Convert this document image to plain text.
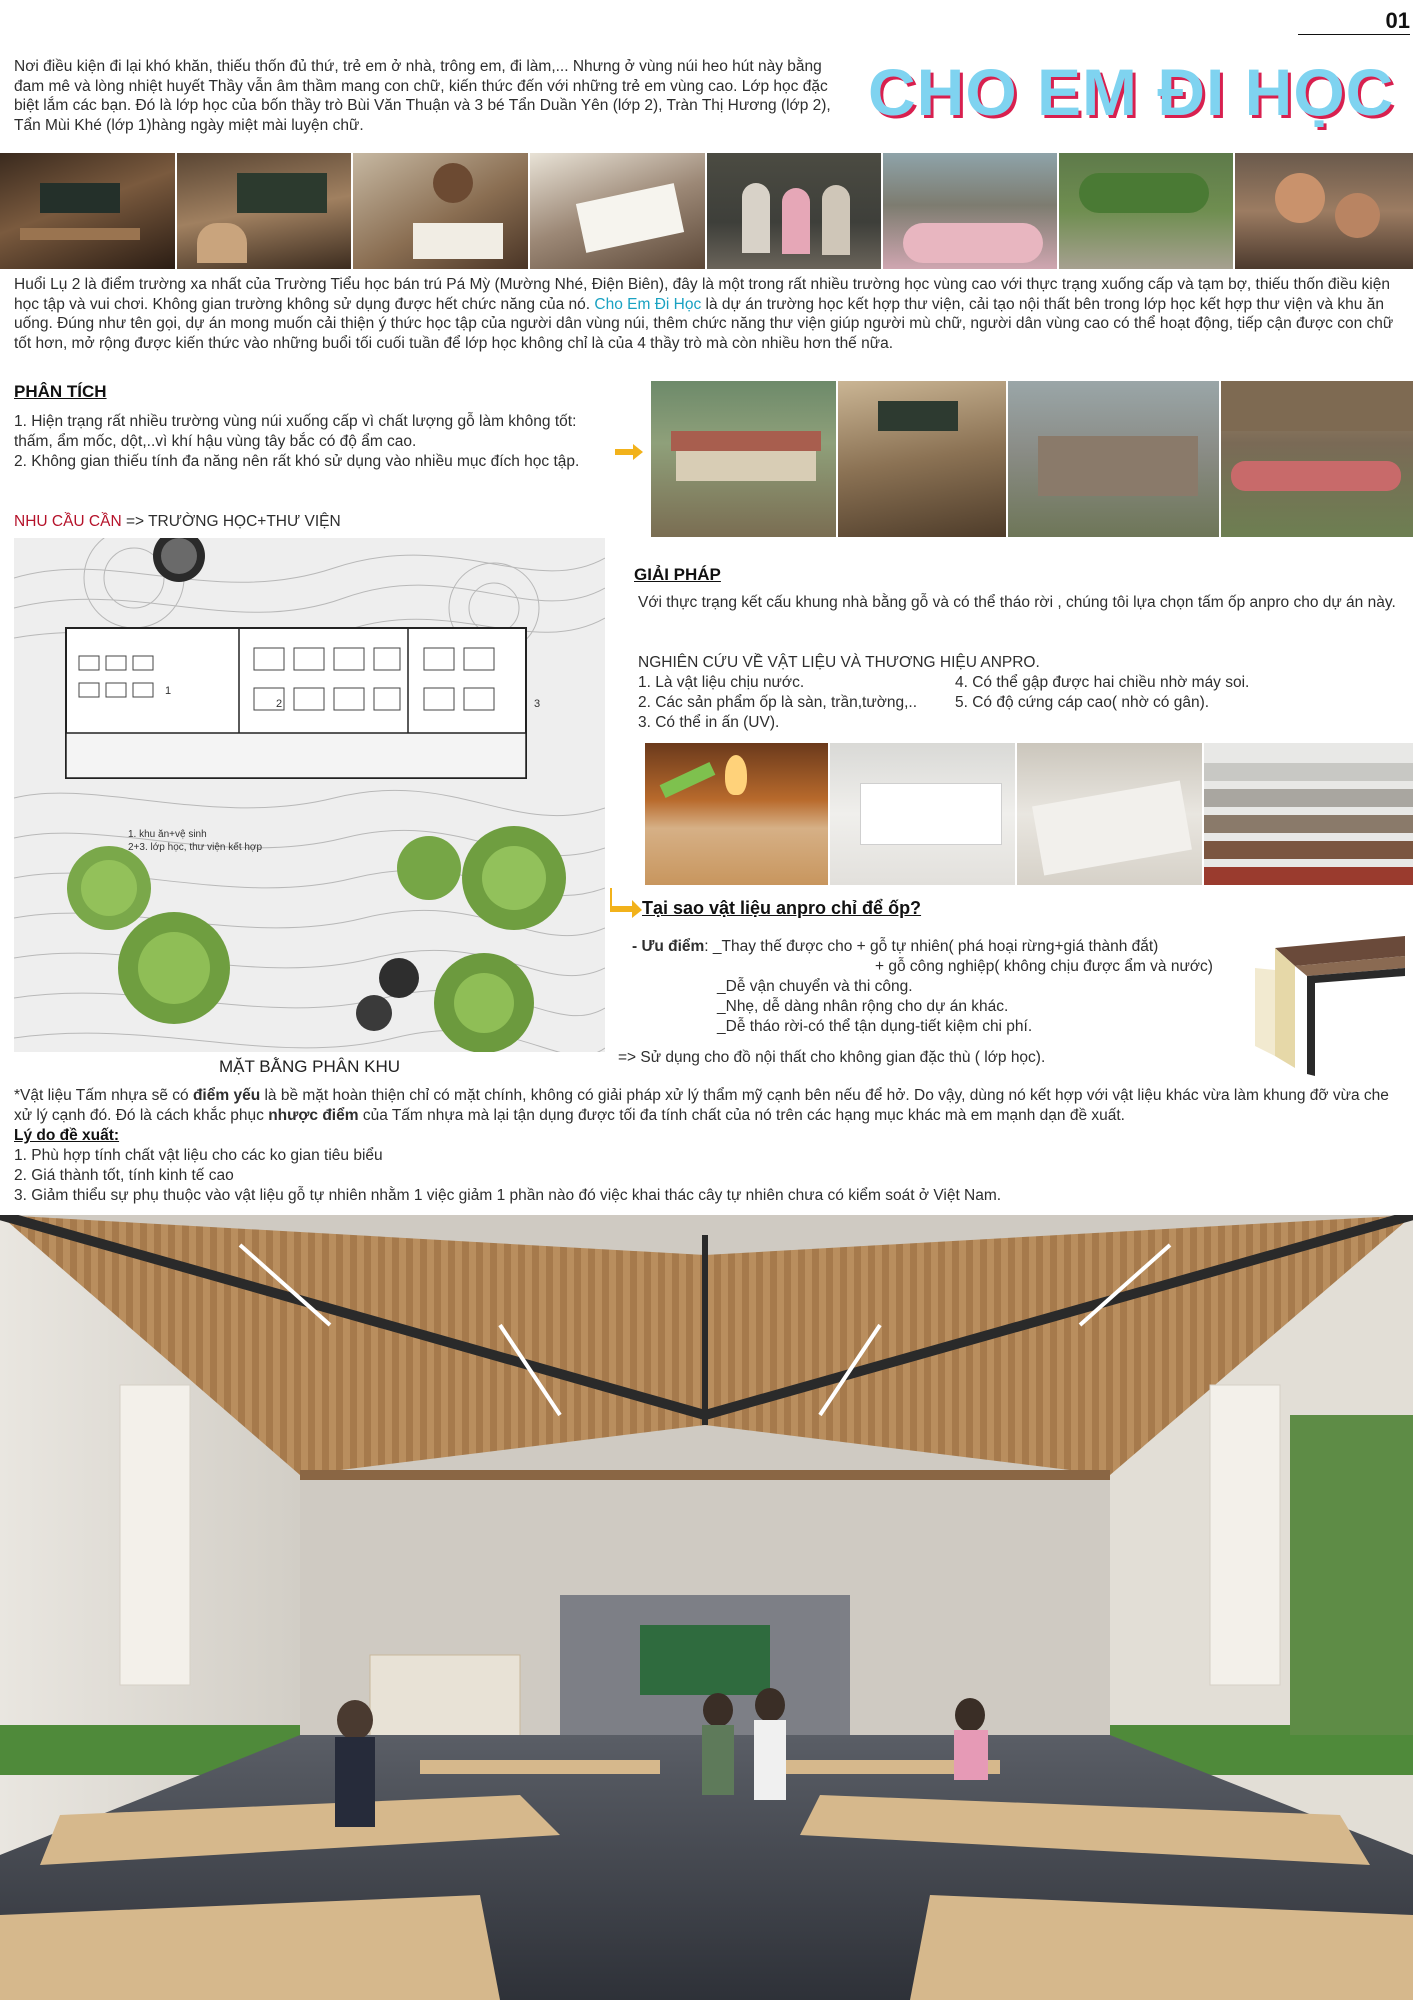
01
CHO EM ĐI HỌC
Nơi điều kiện đi lại khó khăn, thiếu thốn đủ thứ, trẻ em ở nhà, trông em, đi làm,... Nhưng ở vùng núi heo hút này bằng đam mê và lòng nhiệt huyết Thầy vẫn âm thầm mang con chữ, kiến thức đến với những trẻ em vùng cao. Lớp học đặc biệt lắm các bạn. Đó là lớp học của bốn thầy trò Bùi Văn Thuận và 3 bé Tẩn Duần Yên (lớp 2), Tràn Thị Hương (lớp 2), Tẩn Mùi Khé (lớp 1)hàng ngày miệt mài luyện chữ.
Huổi Lụ 2 là điểm trường xa nhất của Trường Tiểu học bán trú Pá Mỳ (Mường Nhé, Điện Biên), đây là một trong rất nhiều trường học vùng cao với thực trạng xuống cấp và tạm bợ, thiếu thốn điều kiện học tập và vui chơi. Không gian trường không sử dụng được hết chức năng của nó. Cho Em Đi Học là dự án trường học kết hợp thư viện, cải tạo nội thất bên trong lớp học kết hợp thư viện và khu ăn uống. Đúng như tên gọi, dự án mong muốn cải thiện ý thức học tập của người dân vùng núi, thêm chức năng thư viện giúp người mù chữ, người dân vùng cao có thể hoạt động, tiếp cận được con chữ tốt hơn, mở rộng được kiến thức vào những buổi tối cuối tuần để lớp học không chỉ là của 4 thầy trò mà còn nhiều hơn thế nữa.
PHÂN TÍCH
1. Hiện trạng rất nhiều trường vùng núi xuống cấp vì chất lượng gỗ làm không tốt: thấm, ẩm mốc, dột,..vì khí hậu vùng tây bắc có độ ẩm cao.
2. Không gian thiếu tính đa năng nên rất khó sử dụng vào nhiều mục đích học tập.
NHU CẦU CẦN => TRƯỜNG HỌC+THƯ VIỆN
1
2	3
1. khu ăn+vệ sinh
2+3. lớp học, thư viện kết hợp
MẶT BẰNG PHÂN KHU
GIẢI PHÁP
Với thực trạng kết cấu khung nhà bằng gỗ và có thể tháo rời , chúng tôi lựa chọn tấm ốp anpro cho dự án này.
NGHIÊN CỨU VỀ VẬT LIỆU VÀ THƯƠNG HIỆU ANPRO.
1. Là vật liệu chịu nước.
2. Các sản phẩm ốp là sàn, trần,tường,..
3. Có thể in ấn (UV).
4. Có thể gập được hai chiều nhờ máy soi.
5. Có độ cứng cáp cao( nhờ có gân).
Tại sao vật liệu anpro chỉ để ốp?
- Ưu điểm: _Thay thế được cho + gỗ tự nhiên( phá hoại rừng+giá thành đắt)
+ gỗ công nghiệp( không chịu được ẩm và nước)
_Dễ vận chuyển và thi công.
_Nhẹ, dễ dàng nhân rộng cho dự án khác.
_Dễ tháo rời-có thể tận dụng-tiết kiệm chi phí.
=> Sử dụng cho đồ nội thất cho không gian đặc thù ( lớp học).
*Vật liệu Tấm nhựa sẽ có điểm yếu là bề mặt hoàn thiện chỉ có mặt chính, không có giải pháp xử lý thẩm mỹ cạnh bên nếu để hở. Do vậy, dùng nó kết hợp với vật liệu khác vừa làm khung đỡ vừa che xử lý cạnh đó. Đó là cách khắc phục nhược điểm của Tấm nhựa mà lại tận dụng được tối đa tính chất của nó trên các hạng mục khác mà em mạnh dạn đề xuất.
Lý do đề xuất:
1. Phù hợp tính chất vật liệu cho các ko gian tiêu biểu
2. Giá thành tốt, tính kinh tế cao
3. Giảm thiểu sự phụ thuộc vào vật liệu gỗ tự nhiên nhằm 1 việc giảm 1 phần nào đó việc khai thác cây tự nhiên chưa có kiểm soát ở Việt Nam.
